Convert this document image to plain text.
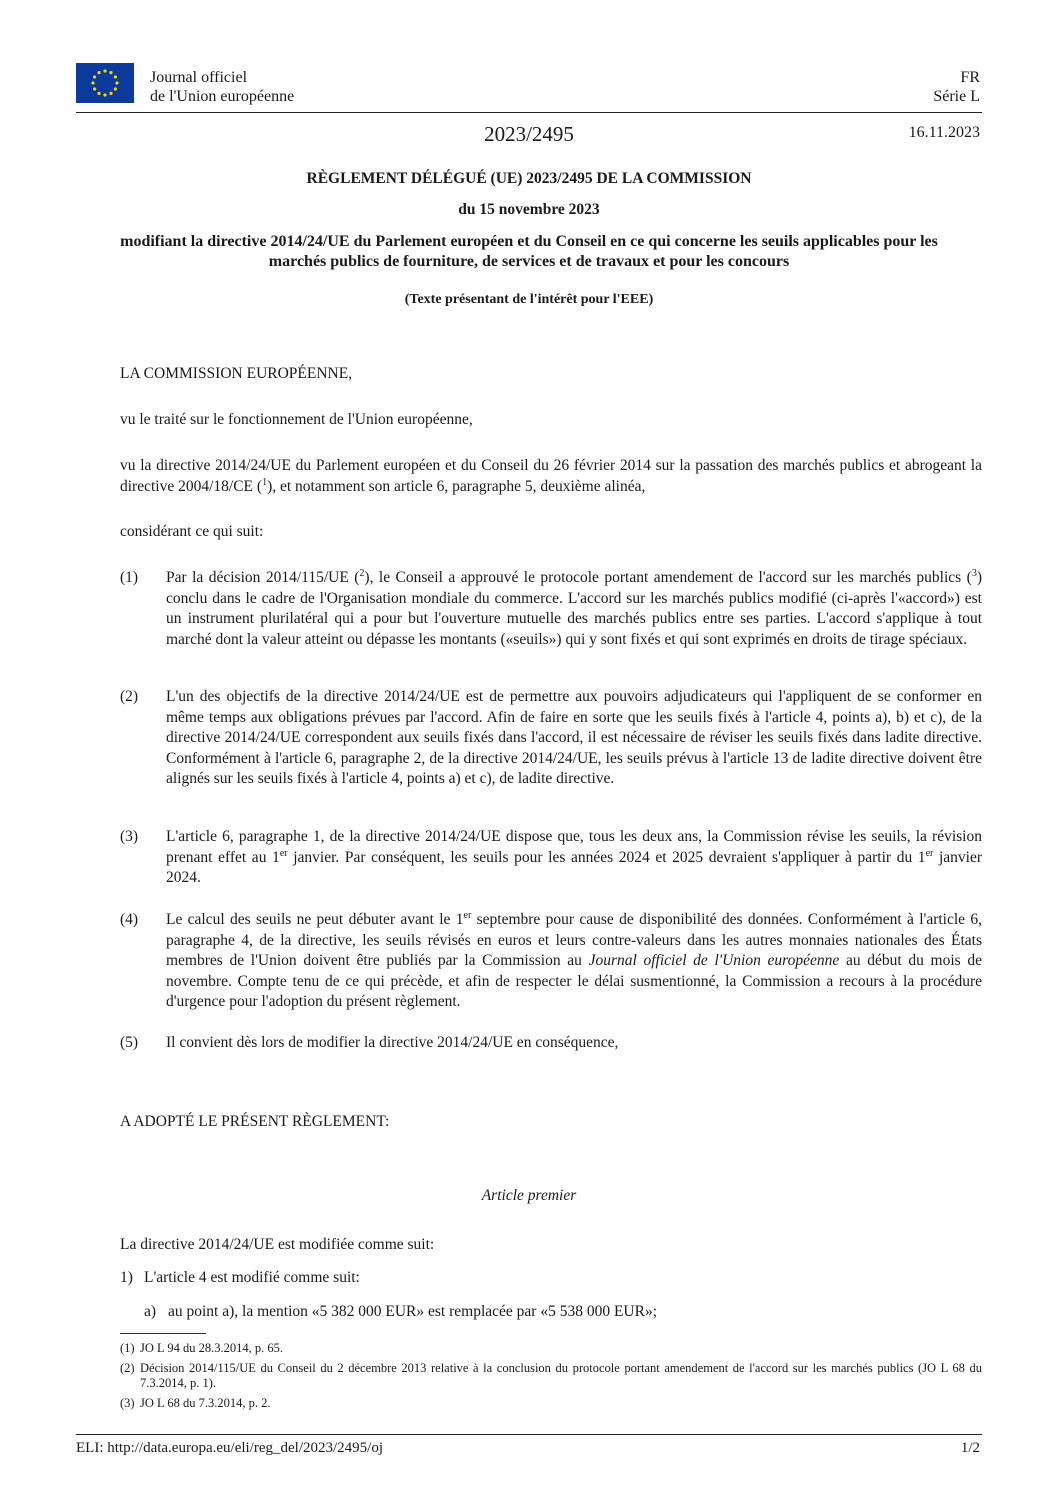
Journal officiel
de l'Union européenne
FR
Série L
2023/2495	16.11.2023
RÈGLEMENT DÉLÉGUÉ (UE) 2023/2495 DE LA COMMISSION
du 15 novembre 2023
modifiant la directive 2014/24/UE du Parlement européen et du Conseil en ce qui concerne les seuils applicables pour les marchés publics de fourniture, de services et de travaux et pour les concours
(Texte présentant de l'intérêt pour l'EEE)
LA COMMISSION EUROPÉENNE,
vu le traité sur le fonctionnement de l'Union européenne,
vu la directive 2014/24/UE du Parlement européen et du Conseil du 26 février 2014 sur la passation des marchés publics et abrogeant la directive 2004/18/CE ($^1$), et notamment son article 6, paragraphe 5, deuxième alinéa,
considérant ce qui suit:
(1) Par la décision 2014/115/UE ($^2$), le Conseil a approuvé le protocole portant amendement de l'accord sur les marchés publics ($^3$) conclu dans le cadre de l'Organisation mondiale du commerce. L'accord sur les marchés publics modifié (ci-après l'«accord») est un instrument plurilatéral qui a pour but l'ouverture mutuelle des marchés publics entre ses parties. L'accord s'applique à tout marché dont la valeur atteint ou dépasse les montants («seuils») qui y sont fixés et qui sont exprimés en droits de tirage spéciaux.
(2) L'un des objectifs de la directive 2014/24/UE est de permettre aux pouvoirs adjudicateurs qui l'appliquent de se conformer en même temps aux obligations prévues par l'accord. Afin de faire en sorte que les seuils fixés à l'article 4, points a), b) et c), de la directive 2014/24/UE correspondent aux seuils fixés dans l'accord, il est nécessaire de réviser les seuils fixés dans ladite directive. Conformément à l'article 6, paragraphe 2, de la directive 2014/24/UE, les seuils prévus à l'article 13 de ladite directive doivent être alignés sur les seuils fixés à l'article 4, points a) et c), de ladite directive.
(3) L'article 6, paragraphe 1, de la directive 2014/24/UE dispose que, tous les deux ans, la Commission révise les seuils, la révision prenant effet au 1er janvier. Par conséquent, les seuils pour les années 2024 et 2025 devraient s'appliquer à partir du 1er janvier 2024.
(4) Le calcul des seuils ne peut débuter avant le 1er septembre pour cause de disponibilité des données. Conformément à l'article 6, paragraphe 4, de la directive, les seuils révisés en euros et leurs contre-valeurs dans les autres monnaies nationales des États membres de l'Union doivent être publiés par la Commission au Journal officiel de l'Union européenne au début du mois de novembre. Compte tenu de ce qui précède, et afin de respecter le délai susmentionné, la Commission a recours à la procédure d'urgence pour l'adoption du présent règlement.
(5) Il convient dès lors de modifier la directive 2014/24/UE en conséquence,
A ADOPTÉ LE PRÉSENT RÈGLEMENT:
Article premier
La directive 2014/24/UE est modifiée comme suit:
1) L'article 4 est modifié comme suit:
a) au point a), la mention «5 382 000 EUR» est remplacée par «5 538 000 EUR»;
(1) JO L 94 du 28.3.2014, p. 65.
(2) Décision 2014/115/UE du Conseil du 2 décembre 2013 relative à la conclusion du protocole portant amendement de l'accord sur les marchés publics (JO L 68 du 7.3.2014, p. 1).
(3) JO L 68 du 7.3.2014, p. 2.
ELI: http://data.europa.eu/eli/reg_del/2023/2495/oj	1/2
